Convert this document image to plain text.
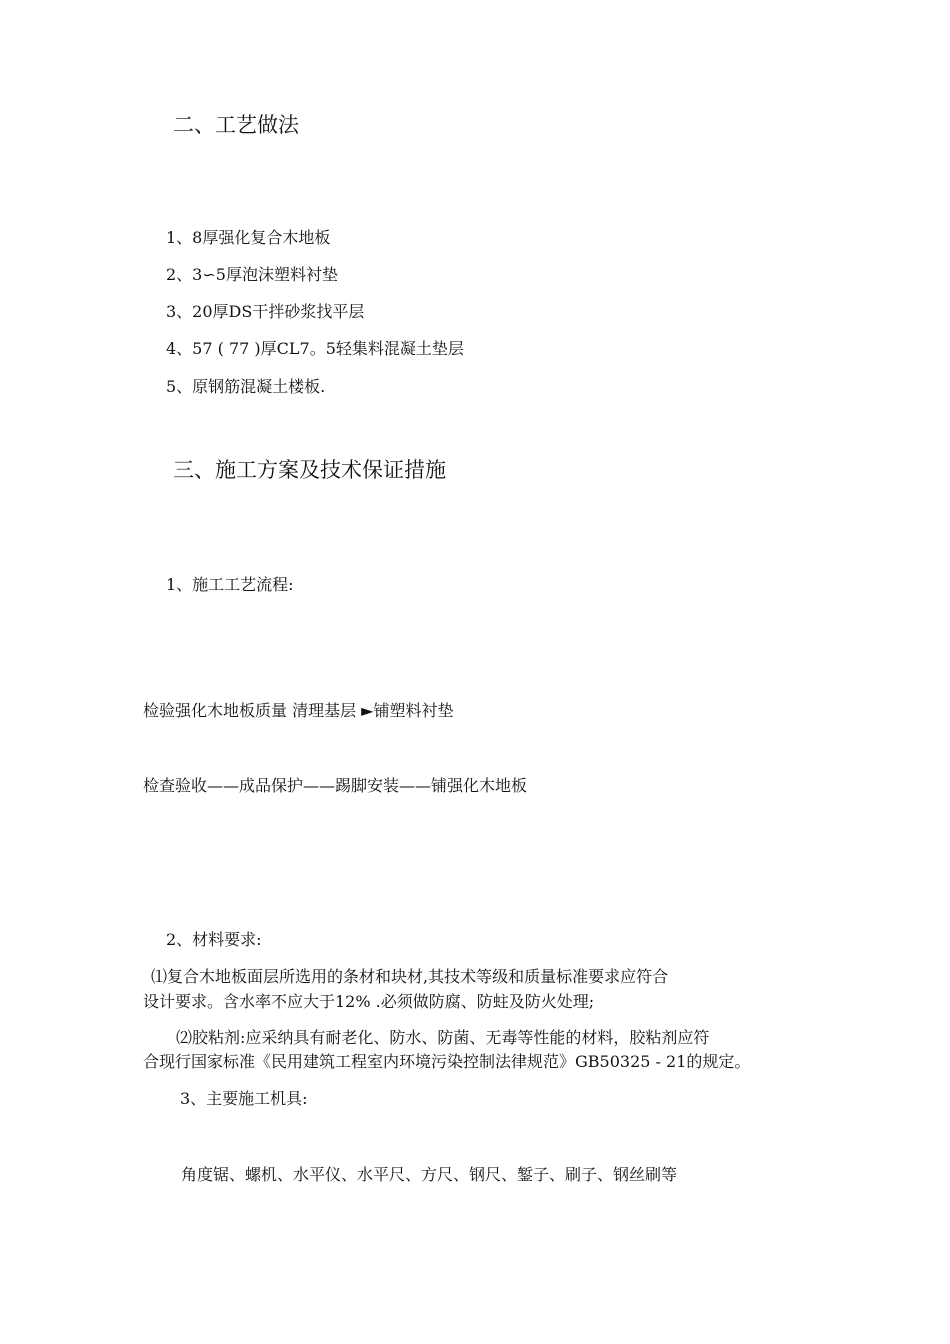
二、工艺做法
1、8厚强化复合木地板
2、3∽5厚泡沫塑料衬垫
3、20厚DS干拌砂浆找平层
4、57 ( 77 )厚CL7。5轻集料混凝土垫层
5、原钢筋混凝土楼板.
三、施工方案及技术保证措施
1、施工工艺流程:
检验强化木地板质量 清理基层 ►铺塑料衬垫
检查验收——成品保护——踢脚安装——铺强化木地板
2、材料要求:
⑴复合木地板面层所选用的条材和块材,其技术等级和质量标准要求应符合
设计要求。含水率不应大于12% .必须做防腐、防蛀及防火处理;
⑵胶粘剂:应采纳具有耐老化、防水、防菌、无毒等性能的材料，胶粘剂应符
合现行国家标准《民用建筑工程室内环境污染控制法律规范》GB50325 - 21的规定。
3、主要施工机具:
角度锯、螺机、水平仪、水平尺、方尺、钢尺、錾子、刷子、钢丝刷等
